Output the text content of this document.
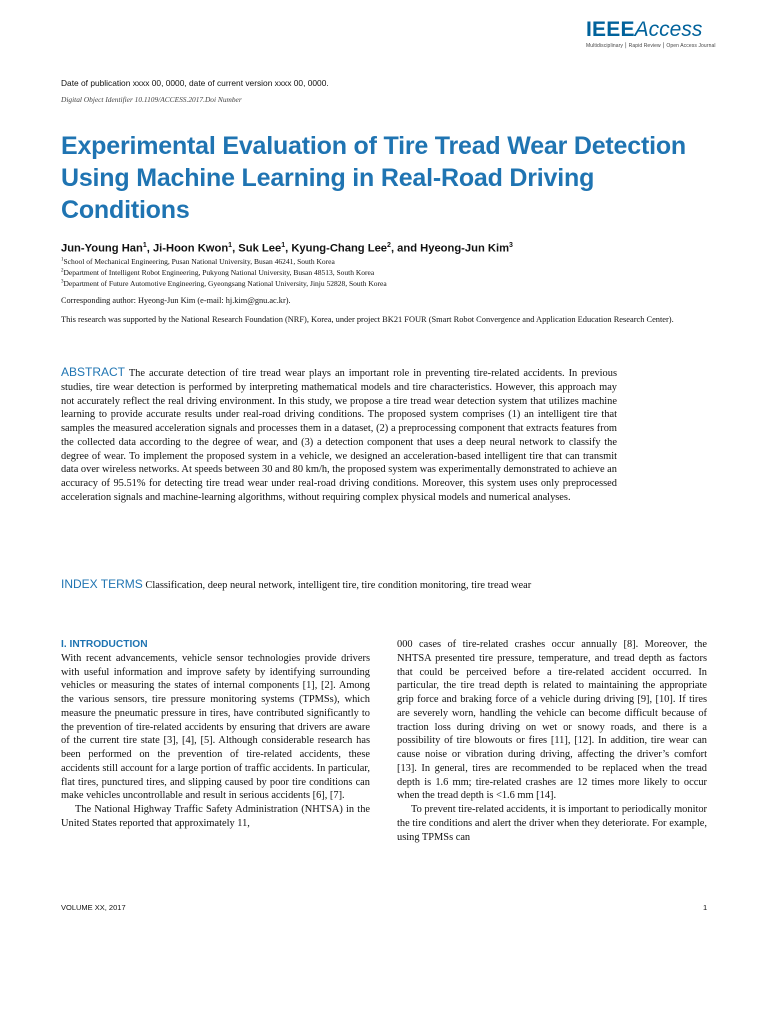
IEEEAccess
Multidisciplinary ⎮ Rapid Review ⎮ Open Access Journal
Date of publication xxxx 00, 0000, date of current version xxxx 00, 0000.
Digital Object Identifier 10.1109/ACCESS.2017.Doi Number
Experimental Evaluation of Tire Tread Wear Detection Using Machine Learning in Real-Road Driving Conditions
Jun-Young Han$^1$, Ji-Hoon Kwon$^1$, Suk Lee$^1$, Kyung-Chang Lee$^2$, and Hyeong-Jun Kim$^3$
$^1$School of Mechanical Engineering, Pusan National University, Busan 46241, South Korea
$^2$Department of Intelligent Robot Engineering, Pukyong National University, Busan 48513, South Korea
$^3$Department of Future Automotive Engineering, Gyeongsang National University, Jinju 52828, South Korea
Corresponding author: Hyeong-Jun Kim (e-mail: hj.kim@gnu.ac.kr).
This research was supported by the National Research Foundation (NRF), Korea, under project BK21 FOUR (Smart Robot Convergence and Application Education Research Center).
ABSTRACT The accurate detection of tire tread wear plays an important role in preventing tire-related accidents. In previous studies, tire wear detection is performed by interpreting mathematical models and tire characteristics. However, this approach may not accurately reflect the real driving environment. In this study, we propose a tire tread wear detection system that utilizes machine learning to provide accurate results under real-road driving conditions. The proposed system comprises (1) an intelligent tire that samples the measured acceleration signals and processes them in a dataset, (2) a preprocessing component that extracts features from the collected data according to the degree of wear, and (3) a detection component that uses a deep neural network to classify the degree of wear. To implement the proposed system in a vehicle, we designed an acceleration-based intelligent tire that can transmit data over wireless networks. At speeds between 30 and 80 km/h, the proposed system was experimentally demonstrated to achieve an accuracy of 95.51% for detecting tire tread wear under real-road driving conditions. Moreover, this system uses only preprocessed acceleration signals and machine-learning algorithms, without requiring complex physical models and numerical analyses.
INDEX TERMS Classification, deep neural network, intelligent tire, tire condition monitoring, tire tread wear
I. INTRODUCTION

With recent advancements, vehicle sensor technologies provide drivers with useful information and improve safety by identifying surrounding vehicles or measuring the states of internal components [1], [2]. Among the various sensors, tire pressure monitoring systems (TPMSs), which measure the pneumatic pressure in tires, have contributed significantly to the prevention of tire-related accidents by ensuring that drivers are aware of the current tire state [3], [4], [5]. Although considerable research has been performed on the prevention of tire-related accidents, these accidents still account for a large portion of traffic accidents. In particular, flat tires, punctured tires, and slipping caused by poor tire conditions can make vehicles uncontrollable and result in serious accidents [6], [7].

The National Highway Traffic Safety Administration (NHTSA) in the United States reported that approximately 11,

000 cases of tire-related crashes occur annually [8]. Moreover, the NHTSA presented tire pressure, temperature, and tread depth as factors that could be perceived before a tire-related accident occurred. In particular, the tire tread depth is related to maintaining the appropriate grip force and braking force of a vehicle during driving [9], [10]. If tires are severely worn, handling the vehicle can become difficult because of traction loss during driving on wet or snowy roads, and there is a possibility of tire blowouts or fires [11], [12]. In addition, tire wear can cause noise or vibration during driving, affecting the driver’s comfort [13]. In general, tires are recommended to be replaced when the tread depth is 1.6 mm; tire-related crashes are 12 times more likely to occur when the tread depth is <1.6 mm [14].

To prevent tire-related accidents, it is important to periodically monitor the tire conditions and alert the driver when they deteriorate. For example, using TPMSs can

VOLUME XX, 2017	1
